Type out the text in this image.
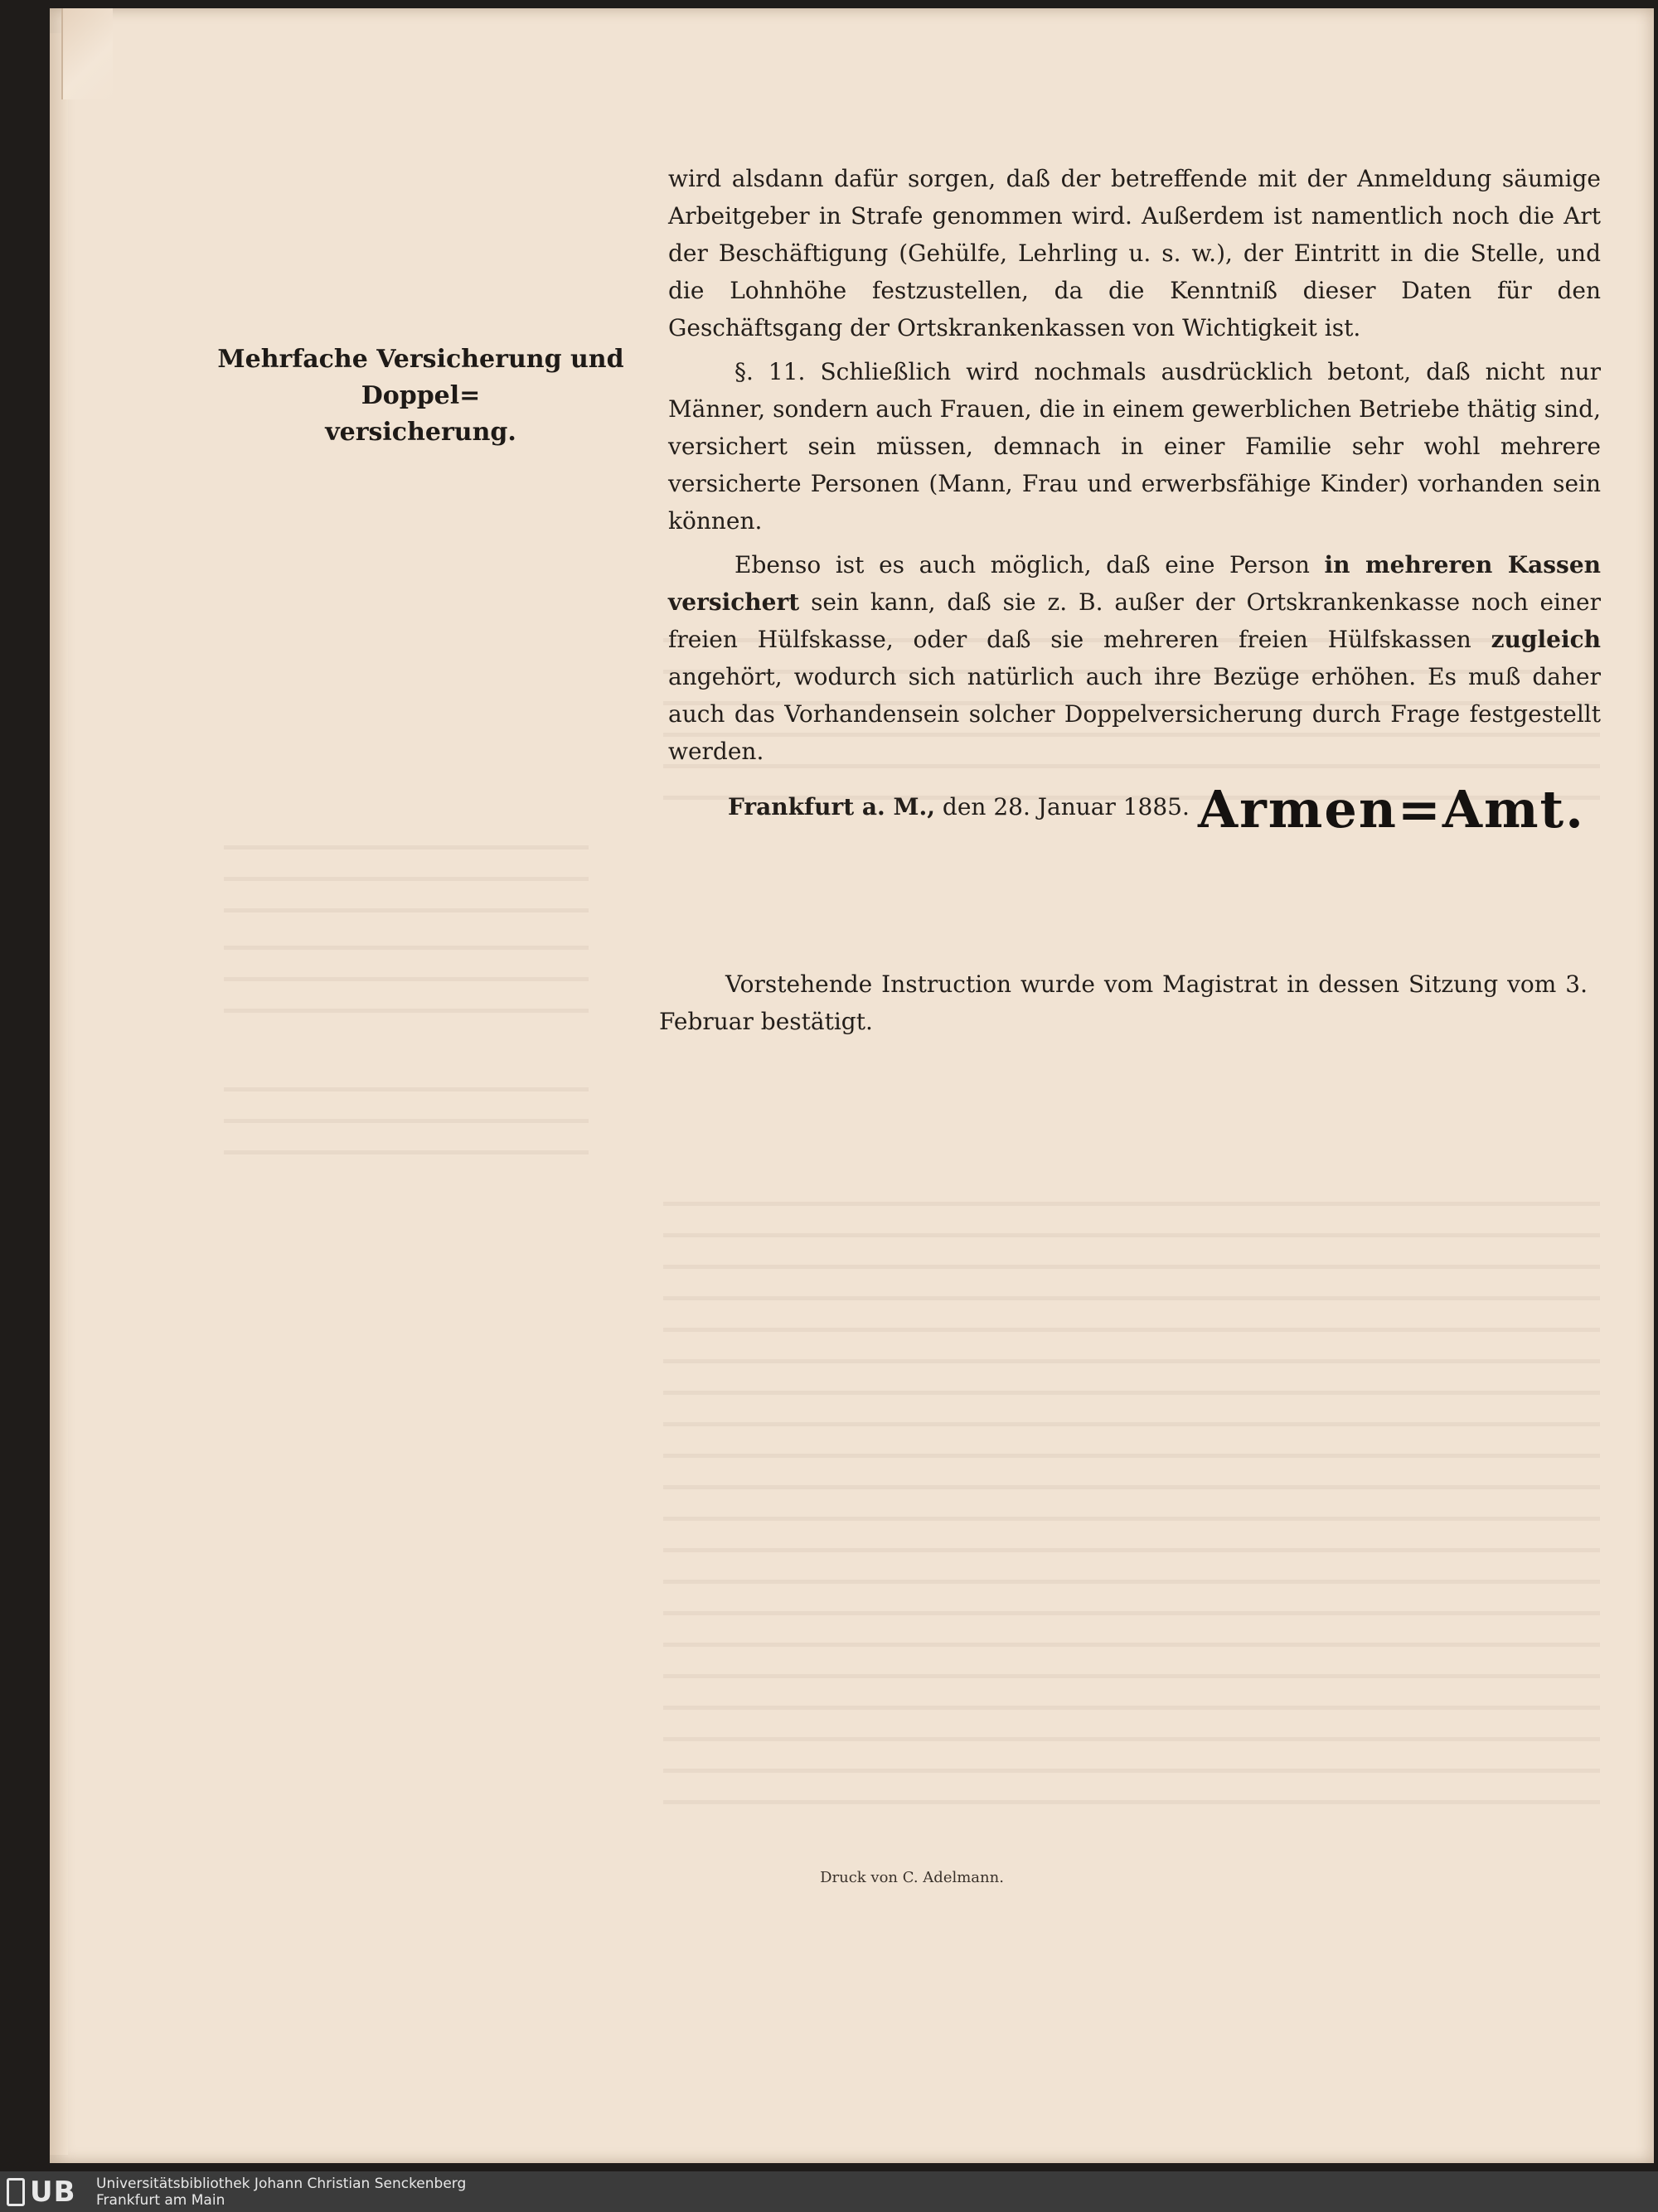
Mehrfache Versicherung und Doppel=
versicherung.

wird alsdann dafür sorgen, daß der betreffende mit der Anmeldung säumige Arbeitgeber in Strafe genommen wird. Außerdem ist namentlich noch die Art der Beschäftigung (Gehülfe, Lehrling u. s. w.), der Eintritt in die Stelle, und die Lohnhöhe festzustellen, da die Kenntniß dieser Daten für den Geschäftsgang der Ortskrankenkassen von Wichtigkeit ist.

§. 11. Schließlich wird nochmals ausdrücklich betont, daß nicht nur Männer, sondern auch Frauen, die in einem gewerblichen Betriebe thätig sind, versichert sein müssen, demnach in einer Familie sehr wohl mehrere versicherte Personen (Mann, Frau und erwerbsfähige Kinder) vorhanden sein können.

Ebenso ist es auch möglich, daß eine Person in mehreren Kassen versichert sein kann, daß sie z. B. außer der Ortskrankenkasse noch einer freien Hülfskasse, oder daß sie mehreren freien Hülfskassen zugleich angehört, wodurch sich natürlich auch ihre Bezüge erhöhen. Es muß daher auch das Vorhandensein solcher Doppelversicherung durch Frage festgestellt werden.

Frankfurt a. M., den 28. Januar 1885. Armen=Amt.

Vorstehende Instruction wurde vom Magistrat in dessen Sitzung vom 3. Februar bestätigt.

Druck von C. Adelmann.
UB Universitätsbibliothek Johann Christian Senckenberg
Frankfurt am Main
